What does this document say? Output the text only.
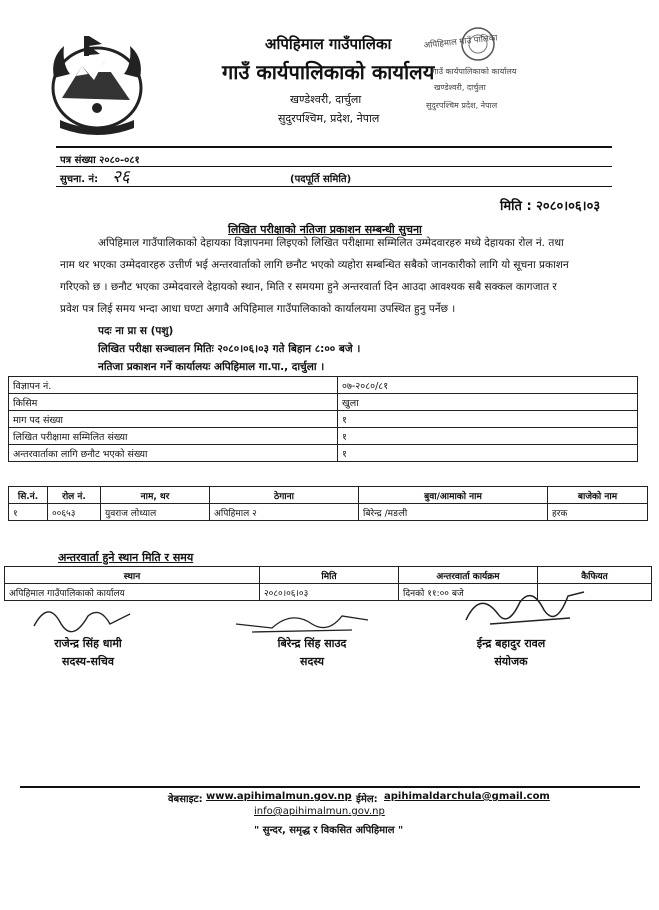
अपिहिमाल गाउँपालिका
गाउँ कार्यपालिकाको कार्यालय
खण्डेश्वरी, दार्चुला
सुदुरपश्चिम, प्रदेश, नेपाल
अपिहिमाल गाउँ पालिका
गाउँ कार्यपालिकाको कार्यालय
खण्डेश्वरी, दार्चुला
सुदुरपश्चिम प्रदेश, नेपाल
पत्र संख्या २०८०-०८१
सुचना. नं: २६	(पदपूर्ति समिति)
मिति : २०८०।०६।०३
लिखित परीक्षाको नतिजा प्रकाशन सम्बन्धी सुचना
अपिहिमाल गाउँपालिकाको देहायका विज्ञापनमा लिइएको लिखित परीक्षामा सम्मिलित उम्मेदवारहरु मध्ये देहायका रोल नं. तथा
नाम थर भएका उम्मेदवारहरु उत्तीर्ण भई अन्तरवार्ताको लागि छनौट भएको व्यहोरा सम्बन्धित सबैको जानकारीको लागि यो सूचना प्रकाशन
गरिएको छ । छनौट भएका उम्मेदवारले देहायको स्थान, मिति र समयमा हुने अन्तरवार्ता दिन आउदा आवश्यक सबै सक्कल कागजात र
प्रवेश पत्र लिई समय भन्दा आधा घण्टा अगावै अपिहिमाल गाउँपालिकाको कार्यालयमा उपस्थित हुनु पर्नेछ ।
पदः ना प्रा स (पशु)
लिखित परीक्षा सञ्चालन मितिः २०८०।०६।०३ गते बिहान ८:०० बजे ।
नतिजा प्रकाशन गर्ने कार्यालयः अपिहिमाल गा.पा., दार्चुला ।
विज्ञापन नं.	०७-२०८०/८१
किसिम	खुला
माग पद संख्या	१
लिखित परीक्षामा सम्मिलित संख्या	१
अन्तरवार्ताका लागि छनौट भएको संख्या	१
सि.नं.	रोल नं.	नाम, थर	ठेगाना	बुवा/आमाको नाम	बाजेको नाम
१	००६५३	युवराज लोध्याल	अपिहिमाल २	बिरेन्द्र /मङली	हरक
अन्तरवार्ता हुने स्थान मिति र समय
स्थान	मिति	अन्तरवार्ता कार्यक्रम	कैफियत
अपिहिमाल गाउँपालिकाको कार्यालय	२०८०।०६।०३	दिनको ११:०० बजे	
राजेन्द्र सिंह धामी
सदस्य-सचिव
बिरेन्द्र सिंह साउद
सदस्य
ईन्द्र बहादुर रावल
संयोजक
वेबसाइट: www.apihimalmun.gov.np ईमेल: apihimaldarchula@gmail.com
info@apihimalmun.gov.np
" सुन्दर, समृद्ध र विकसित अपिहिमाल "
